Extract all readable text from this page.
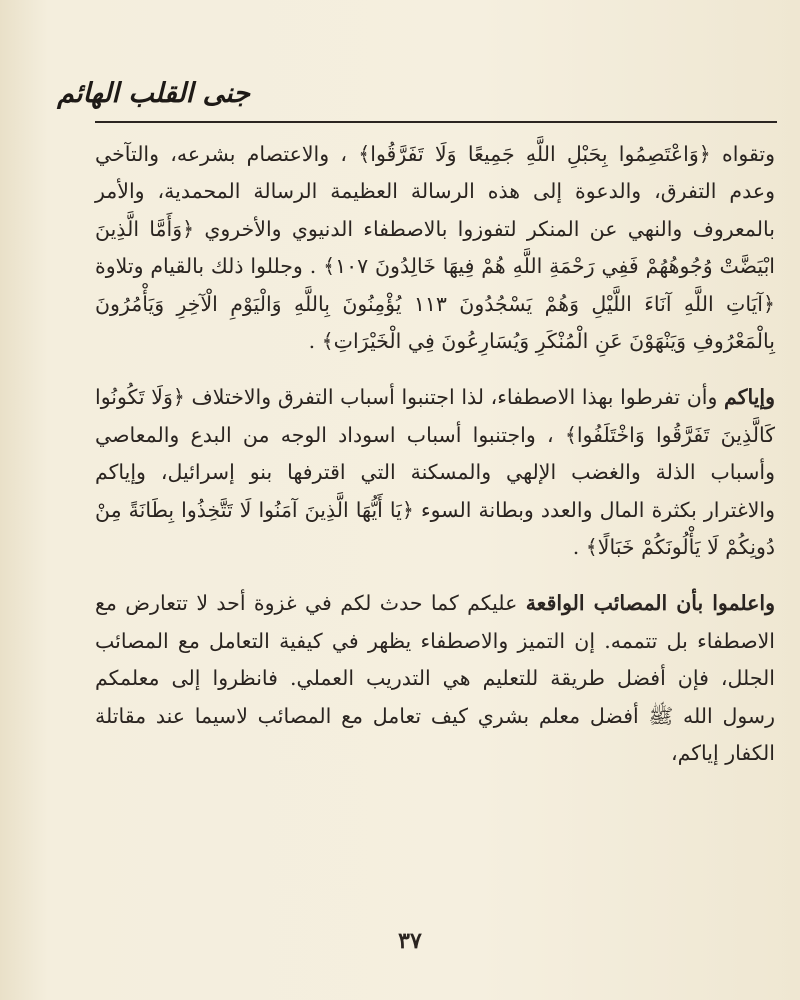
جنى القلب الهائم

وتقواه ﴿وَاعْتَصِمُوا بِحَبْلِ اللَّهِ جَمِيعًا وَلَا تَفَرَّقُوا﴾ ، والاعتصام بشرعه، والتآخي وعدم التفرق، والدعوة إلى هذه الرسالة العظيمة الرسالة المحمدية، والأمر بالمعروف والنهي عن المنكر لتفوزوا بالاصطفاء الدنيوي والأخروي ﴿وَأَمَّا الَّذِينَ ابْيَضَّتْ وُجُوهُهُمْ فَفِي رَحْمَةِ اللَّهِ هُمْ فِيهَا خَالِدُونَ ١٠٧﴾ . وجللوا ذلك بالقيام وتلاوة ﴿آيَاتِ اللَّهِ آنَاءَ اللَّيْلِ وَهُمْ يَسْجُدُونَ ١١٣ يُؤْمِنُونَ بِاللَّهِ وَالْيَوْمِ الْآخِرِ وَيَأْمُرُونَ بِالْمَعْرُوفِ وَيَنْهَوْنَ عَنِ الْمُنْكَرِ وَيُسَارِعُونَ فِي الْخَيْرَاتِ﴾ .

وإياكم وأن تفرطوا بهذا الاصطفاء، لذا اجتنبوا أسباب التفرق والاختلاف ﴿وَلَا تَكُونُوا كَالَّذِينَ تَفَرَّقُوا وَاخْتَلَفُوا﴾ ، واجتنبوا أسباب اسوداد الوجه من البدع والمعاصي وأسباب الذلة والغضب الإلهي والمسكنة التي اقترفها بنو إسرائيل، وإياكم والاغترار بكثرة المال والعدد وبطانة السوء ﴿يَا أَيُّهَا الَّذِينَ آمَنُوا لَا تَتَّخِذُوا بِطَانَةً مِنْ دُونِكُمْ لَا يَأْلُونَكُمْ خَبَالًا﴾ .

واعلموا بأن المصائب الواقعة عليكم كما حدث لكم في غزوة أحد لا تتعارض مع الاصطفاء بل تتممه. إن التميز والاصطفاء يظهر في كيفية التعامل مع المصائب الجلل، فإن أفضل طريقة للتعليم هي التدريب العملي. فانظروا إلى معلمكم رسول الله ﷺ أفضل معلم بشري كيف تعامل مع المصائب لاسيما عند مقاتلة الكفار إياكم،

٣٧
